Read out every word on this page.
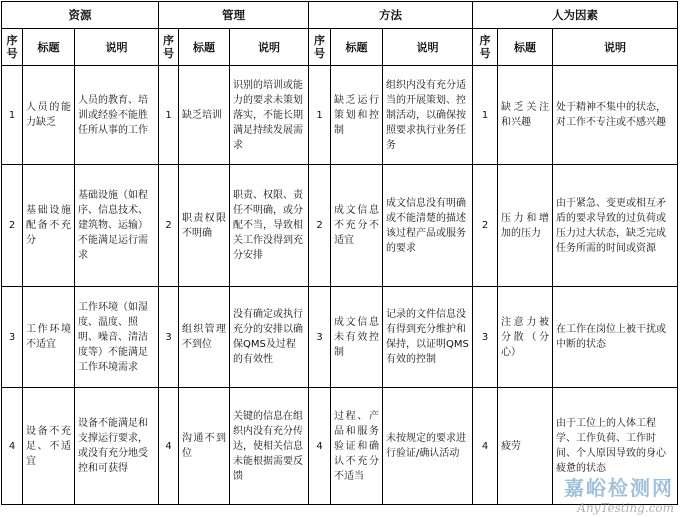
资源			管理			方法			人为因素		
序号	标题	说明	序号	标题	说明	序号	标题	说明	序号	标题	说明
1	人员的能力缺乏	人员的教育、培训或经验不能胜任所从事的工作	1	缺乏培训	识别的培训或能力的要求未策划落实，不能长期满足持续发展需求	1	缺乏运行策划和控制	组织内没有充分适当的开展策划、控制活动，以确保按照要求执行业务任务	1	缺乏关注和兴趣	处于精神不集中的状态，对工作不专注或不感兴趣
2	基础设施配备不充分	基础设施（如程序、信息技术、建筑物、运输）不能满足运行需求	2	职责权限不明确	职责、权限、责任不明确，或分配不当，导致相关工作没得到充分安排	2	成文信息不充分不适宜	成文信息没有明确或不能清楚的描述该过程产品或服务的要求	2	压力和增加的压力	由于紧急、变更或相互矛盾的要求导致的过负荷或压力过大状态，缺乏完成任务所需的时间或资源
3	工作环境不适宜	工作环境（如湿度、温度、照明、噪音、清洁度等）不能满足工作环境需求	3	组织管理不到位	没有确定或执行充分的安排以确保QMS及过程的有效性	3	成文信息未有效控制	记录的文件信息没有得到充分维护和保持，以证明QMS有效的控制	3	注意力被分散（分心）	在工作在岗位上被干扰或中断的状态
4	设备不充足、不适宜	设备不能满足和支撑运行要求，或没有充分地受控和可获得	4	沟通不到位	关键的信息在组织内没有充分传达，使相关信息未能根据需要反馈	4	过程、产品和服务验证和确认不充分不适当	未按规定的要求进行验证/确认活动	4	疲劳	由于工位上的人体工程学、工作负荷、工作时间、个人原因导致的身心疲惫的状态
嘉峪检测网
AnyTesting.com
